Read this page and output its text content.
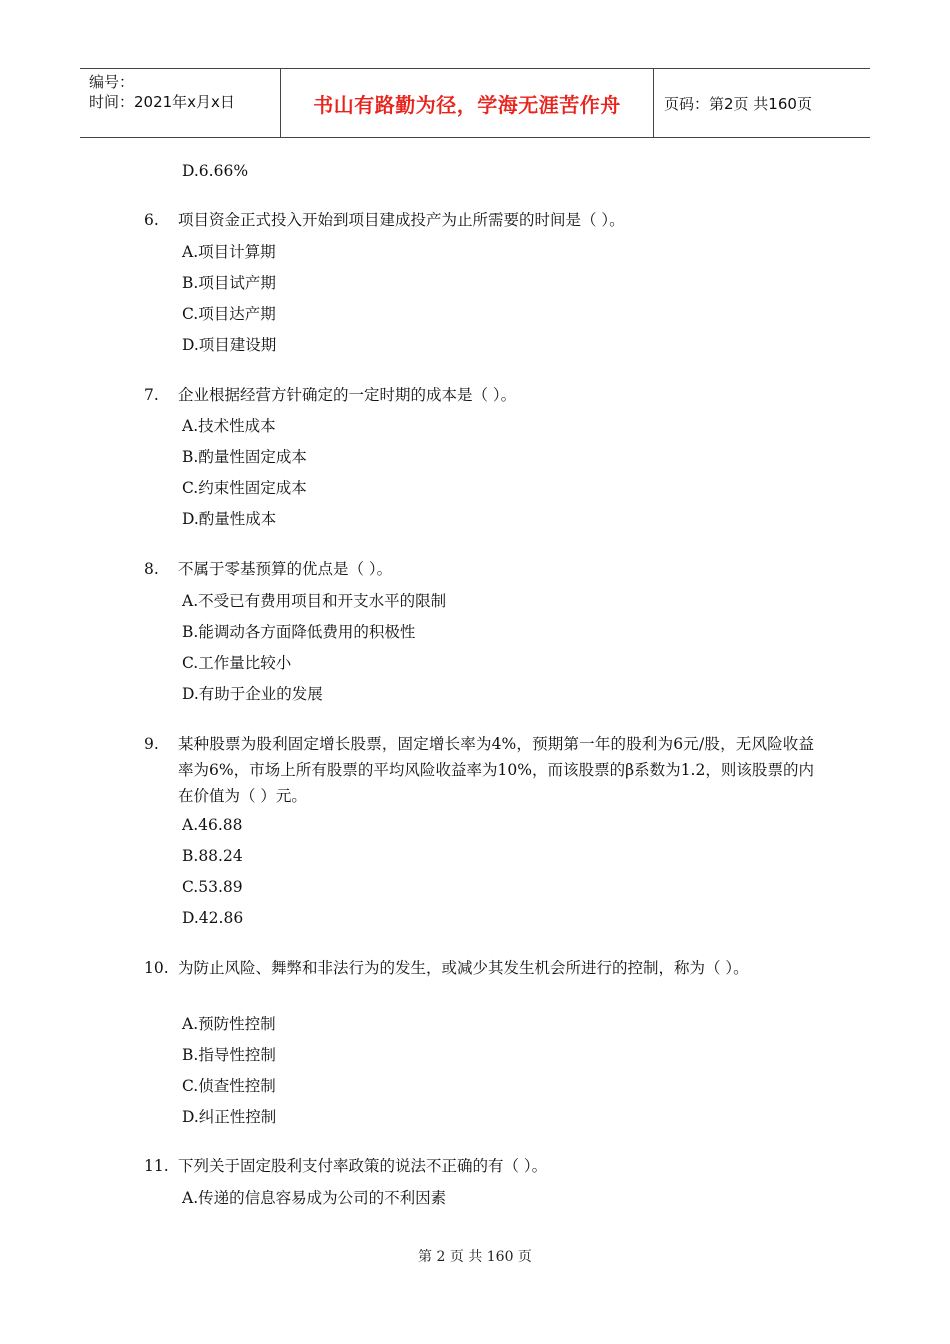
编号：
时间：2021年x月x日	书山有路勤为径，学海无涯苦作舟	页码：第2页 共160页
D.6.66%
6. 项目资金正式投入开始到项目建成投产为止所需要的时间是（ ）。
A.项目计算期
B.项目试产期
C.项目达产期
D.项目建设期
7. 企业根据经营方针确定的一定时期的成本是（ ）。
A.技术性成本
B.酌量性固定成本
C.约束性固定成本
D.酌量性成本
8. 不属于零基预算的优点是（ ）。
A.不受已有费用项目和开支水平的限制
B.能调动各方面降低费用的积极性
C.工作量比较小
D.有助于企业的发展
9. 某种股票为股利固定增长股票，固定增长率为4%，预期第一年的股利为6元/股，无风险收益率为6%，市场上所有股票的平均风险收益率为10%，而该股票的β系数为1.2，则该股票的内在价值为（ ）元。
A.46.88
B.88.24
C.53.89
D.42.86
10. 为防止风险、舞弊和非法行为的发生，或减少其发生机会所进行的控制，称为（ ）。
A.预防性控制
B.指导性控制
C.侦查性控制
D.纠正性控制
11. 下列关于固定股利支付率政策的说法不正确的有（ ）。
A.传递的信息容易成为公司的不利因素
第 2 页 共 160 页
